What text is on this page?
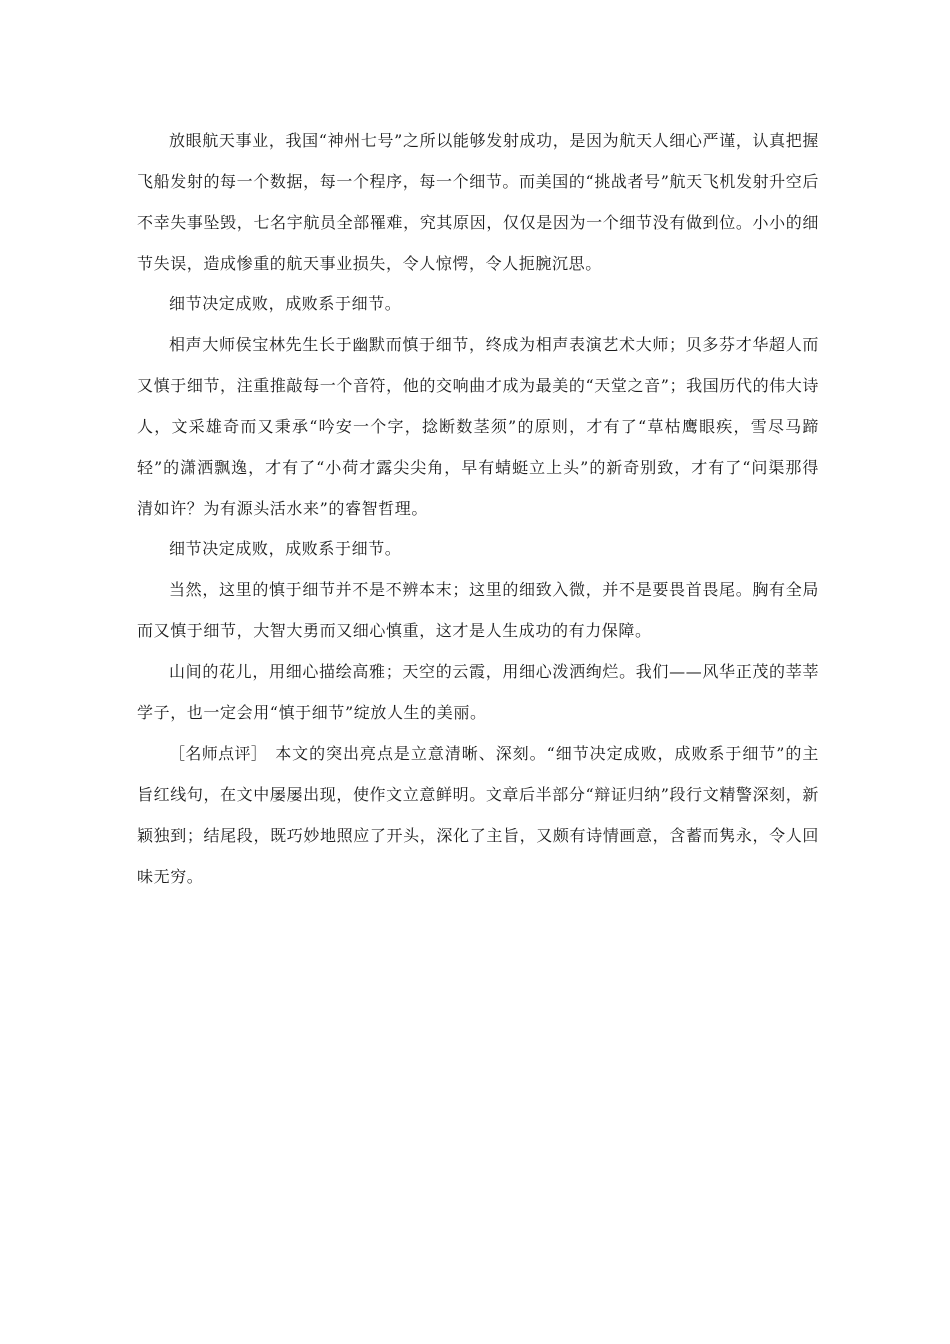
放眼航天事业，我国“神州七号”之所以能够发射成功，是因为航天人细心严谨，认真把握飞船发射的每一个数据，每一个程序，每一个细节。而美国的“挑战者号”航天飞机发射升空后不幸失事坠毁，七名宇航员全部罹难，究其原因，仅仅是因为一个细节没有做到位。小小的细节失误，造成惨重的航天事业损失，令人惊愕，令人扼腕沉思。

细节决定成败，成败系于细节。

相声大师侯宝林先生长于幽默而慎于细节，终成为相声表演艺术大师；贝多芬才华超人而又慎于细节，注重推敲每一个音符，他的交响曲才成为最美的“天堂之音”；我国历代的伟大诗人，文采雄奇而又秉承“吟安一个字，捻断数茎须”的原则，才有了“草枯鹰眼疾，雪尽马蹄轻”的潇洒飘逸，才有了“小荷才露尖尖角，早有蜻蜓立上头”的新奇别致，才有了“问渠那得清如许？为有源头活水来”的睿智哲理。

细节决定成败，成败系于细节。

当然，这里的慎于细节并不是不辨本末；这里的细致入微，并不是要畏首畏尾。胸有全局而又慎于细节，大智大勇而又细心慎重，这才是人生成功的有力保障。

山间的花儿，用细心描绘高雅；天空的云霞，用细心泼洒绚烂。我们——风华正茂的莘莘学子，也一定会用“慎于细节”绽放人生的美丽。

［名师点评］ 本文的突出亮点是立意清晰、深刻。“细节决定成败，成败系于细节”的主旨红线句，在文中屡屡出现，使作文立意鲜明。文章后半部分“辩证归纳”段行文精警深刻，新颖独到；结尾段，既巧妙地照应了开头，深化了主旨，又颇有诗情画意，含蓄而隽永，令人回味无穷。
